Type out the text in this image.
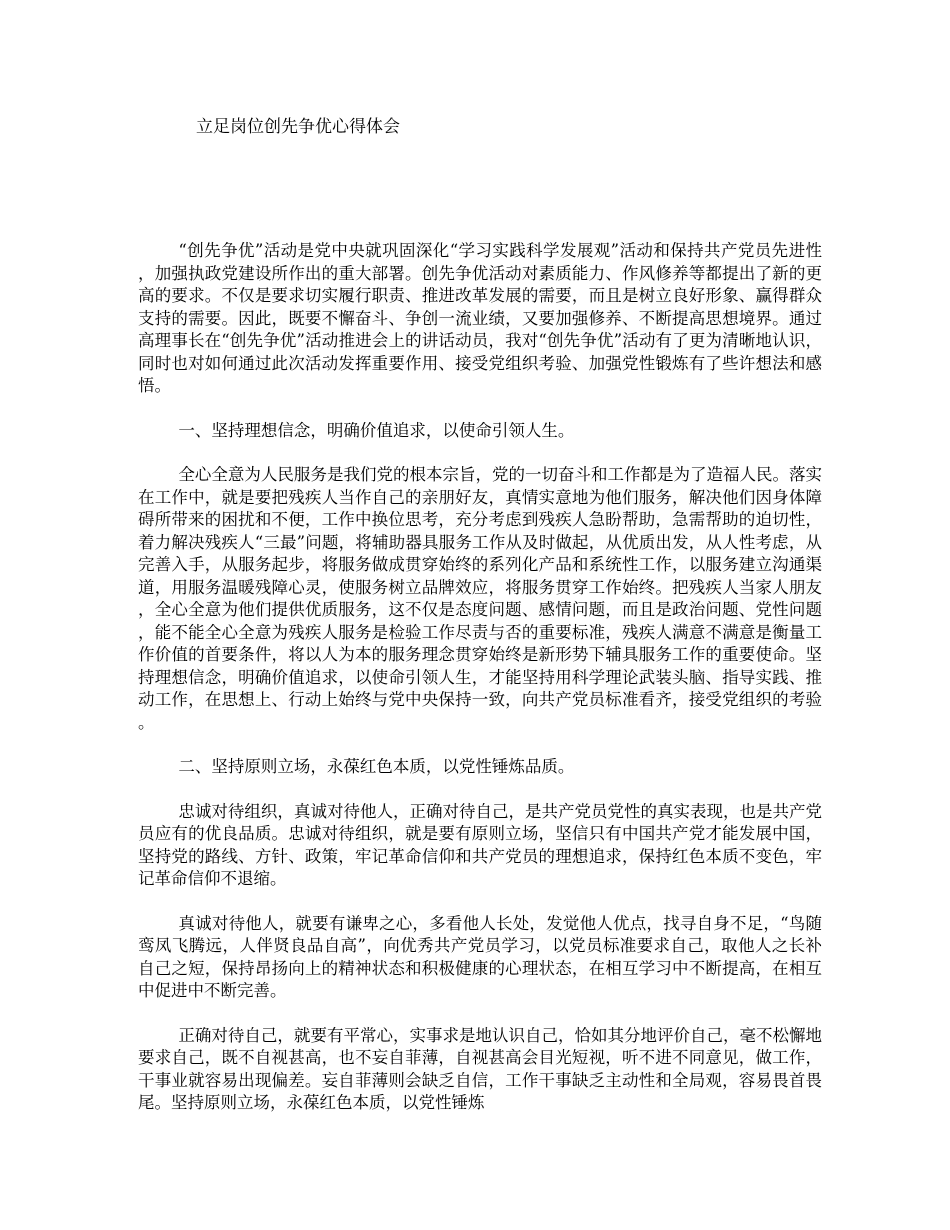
立足岗位创先争优心得体会

“创先争优”活动是党中央就巩固深化“学习实践科学发展观”活动和保持共产党员先进性，加强执政党建设所作出的重大部署。创先争优活动对素质能力、作风修养等都提出了新的更高的要求。不仅是要求切实履行职责、推进改革发展的需要，而且是树立良好形象、赢得群众支持的需要。因此，既要不懈奋斗、争创一流业绩，又要加强修养、不断提高思想境界。通过高理事长在“创先争优”活动推进会上的讲话动员，我对“创先争优”活动有了更为清晰地认识，同时也对如何通过此次活动发挥重要作用、接受党组织考验、加强党性锻炼有了些许想法和感悟。

一、坚持理想信念，明确价值追求，以使命引领人生。

全心全意为人民服务是我们党的根本宗旨，党的一切奋斗和工作都是为了造福人民。落实在工作中，就是要把残疾人当作自己的亲朋好友，真情实意地为他们服务，解决他们因身体障碍所带来的困扰和不便，工作中换位思考，充分考虑到残疾人急盼帮助，急需帮助的迫切性，着力解决残疾人“三最”问题，将辅助器具服务工作从及时做起，从优质出发，从人性考虑，从完善入手，从服务起步，将服务做成贯穿始终的系列化产品和系统性工作，以服务建立沟通渠道，用服务温暖残障心灵，使服务树立品牌效应，将服务贯穿工作始终。把残疾人当家人朋友，全心全意为他们提供优质服务，这不仅是态度问题、感情问题，而且是政治问题、党性问题，能不能全心全意为残疾人服务是检验工作尽责与否的重要标准，残疾人满意不满意是衡量工作价值的首要条件，将以人为本的服务理念贯穿始终是新形势下辅具服务工作的重要使命。坚持理想信念，明确价值追求，以使命引领人生，才能坚持用科学理论武装头脑、指导实践、推动工作，在思想上、行动上始终与党中央保持一致，向共产党员标准看齐，接受党组织的考验。

二、坚持原则立场，永葆红色本质，以党性锤炼品质。

忠诚对待组织，真诚对待他人，正确对待自己，是共产党员党性的真实表现，也是共产党员应有的优良品质。忠诚对待组织，就是要有原则立场，坚信只有中国共产党才能发展中国，坚持党的路线、方针、政策，牢记革命信仰和共产党员的理想追求，保持红色本质不变色，牢记革命信仰不退缩。

真诚对待他人，就要有谦卑之心，多看他人长处，发觉他人优点，找寻自身不足，“鸟随鸾凤飞腾远，人伴贤良品自高”，向优秀共产党员学习，以党员标准要求自己，取他人之长补自己之短，保持昂扬向上的精神状态和积极健康的心理状态，在相互学习中不断提高，在相互中促进中不断完善。

正确对待自己，就要有平常心，实事求是地认识自己，恰如其分地评价自己，毫不松懈地要求自己，既不自视甚高，也不妄自菲薄，自视甚高会目光短视，听不进不同意见，做工作，干事业就容易出现偏差。妄自菲薄则会缺乏自信，工作干事缺乏主动性和全局观，容易畏首畏尾。坚持原则立场，永葆红色本质，以党性锤炼
